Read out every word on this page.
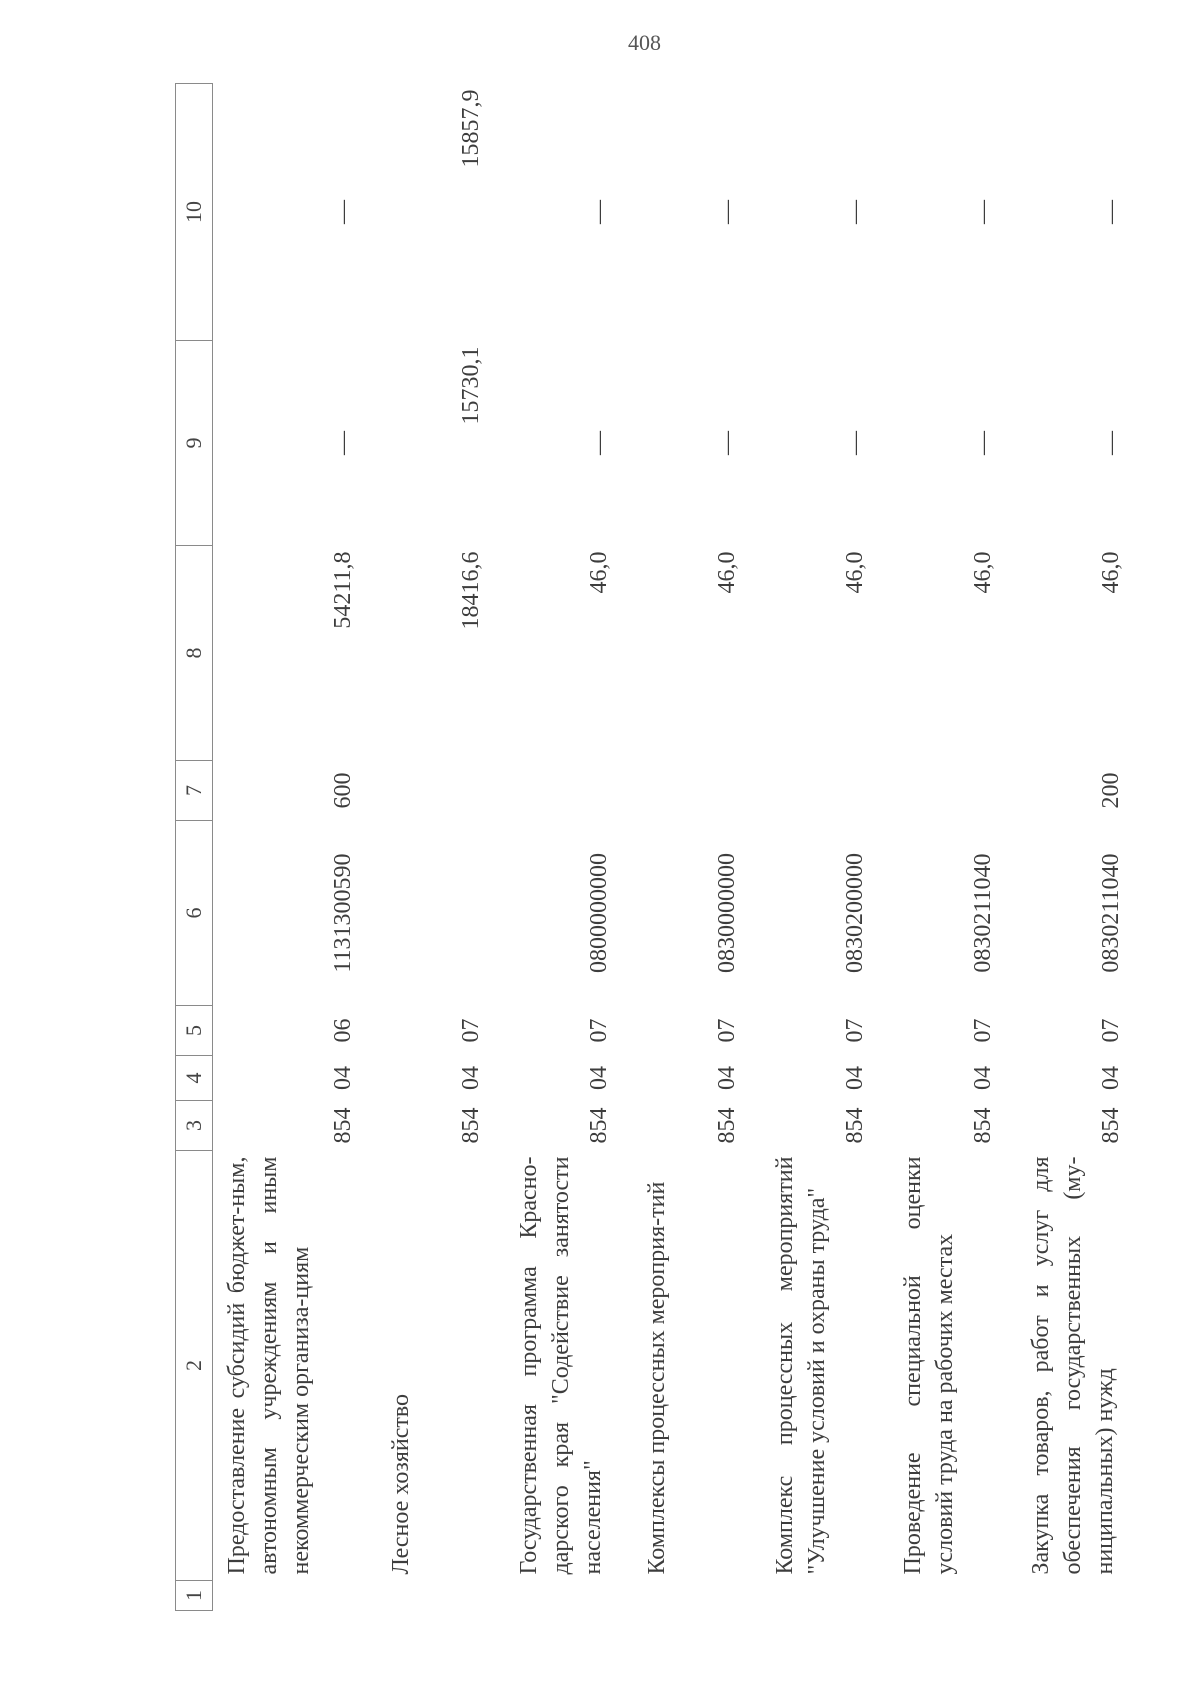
408
1	2	3	4	5	6	7	8	9	10
	Предоставление субсидий бюджет-ным, автономным учреждениям и иным некоммерческим организа-циям	854	04	06	1131300590	600	54211,8	—	—
	Лесное хозяйство	854	04	07			18416,6	15730,1	15857,9
	Государственная программа Красно-дарского края "Содействие занятости населения"	854	04	07	0800000000		46,0	—	—
	Комплексы процессных мероприя-тий	854	04	07	0830000000		46,0	—	—
	Комплекс процессных мероприятий "Улучшение условий и охраны труда"	854	04	07	0830200000		46,0	—	—
	Проведение специальной оценки условий труда на рабочих местах	854	04	07	0830211040		46,0	—	—
	Закупка товаров, работ и услуг для обеспечения государственных (му-ниципальных) нужд	854	04	07	0830211040	200	46,0	—	—
